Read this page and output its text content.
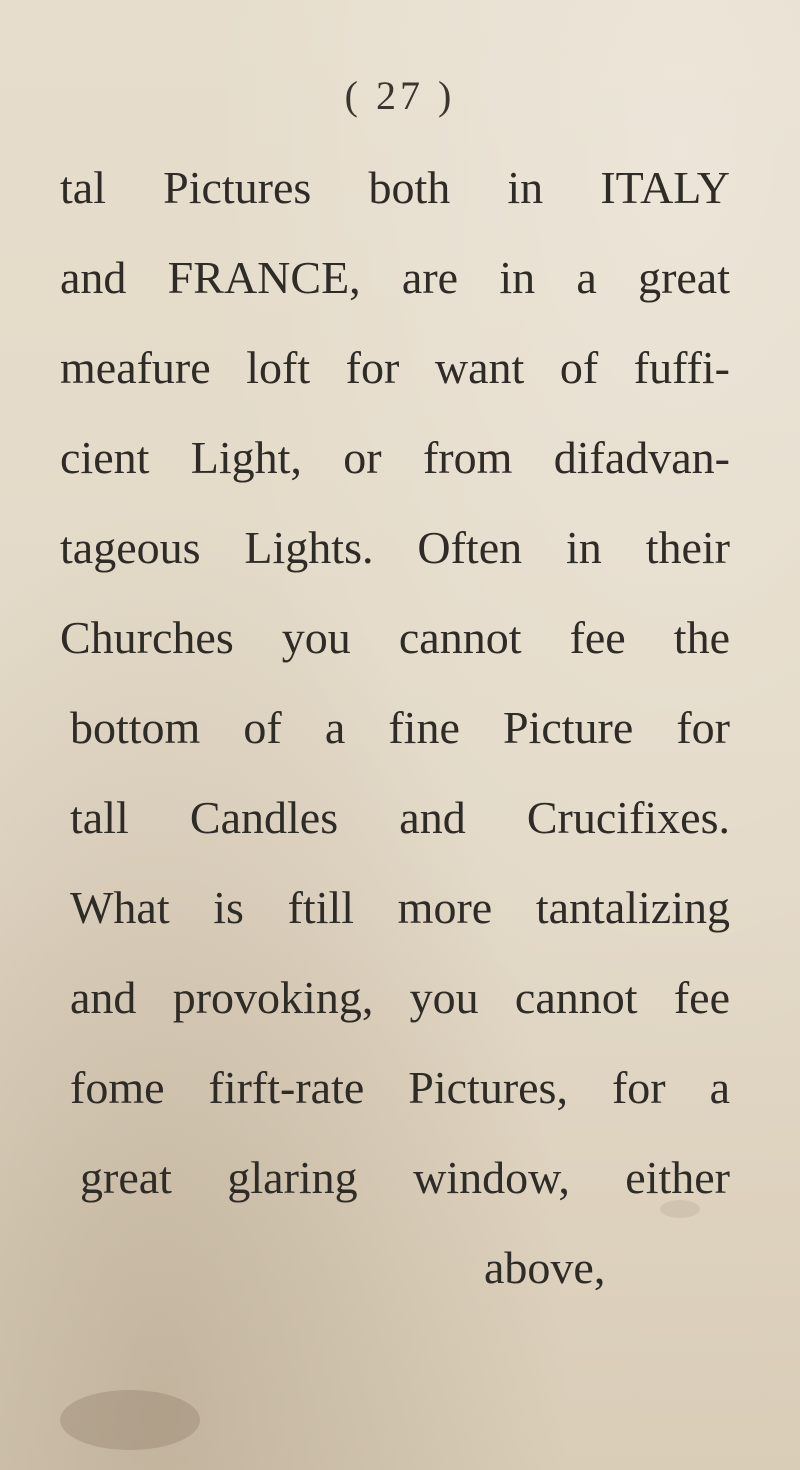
( 27 )
tal Pictures both in ITALY
and FRANCE, are in a great
meafure loft for want of fuffi-
cient Light, or from difadvan-
tageous Lights. Often in their
Churches you cannot fee the
bottom of a fine Picture for
tall Candles and Crucifixes.
What is ftill more tantalizing
and provoking, you cannot fee
fome firft-rate Pictures, for a
great glaring window, either
above,
